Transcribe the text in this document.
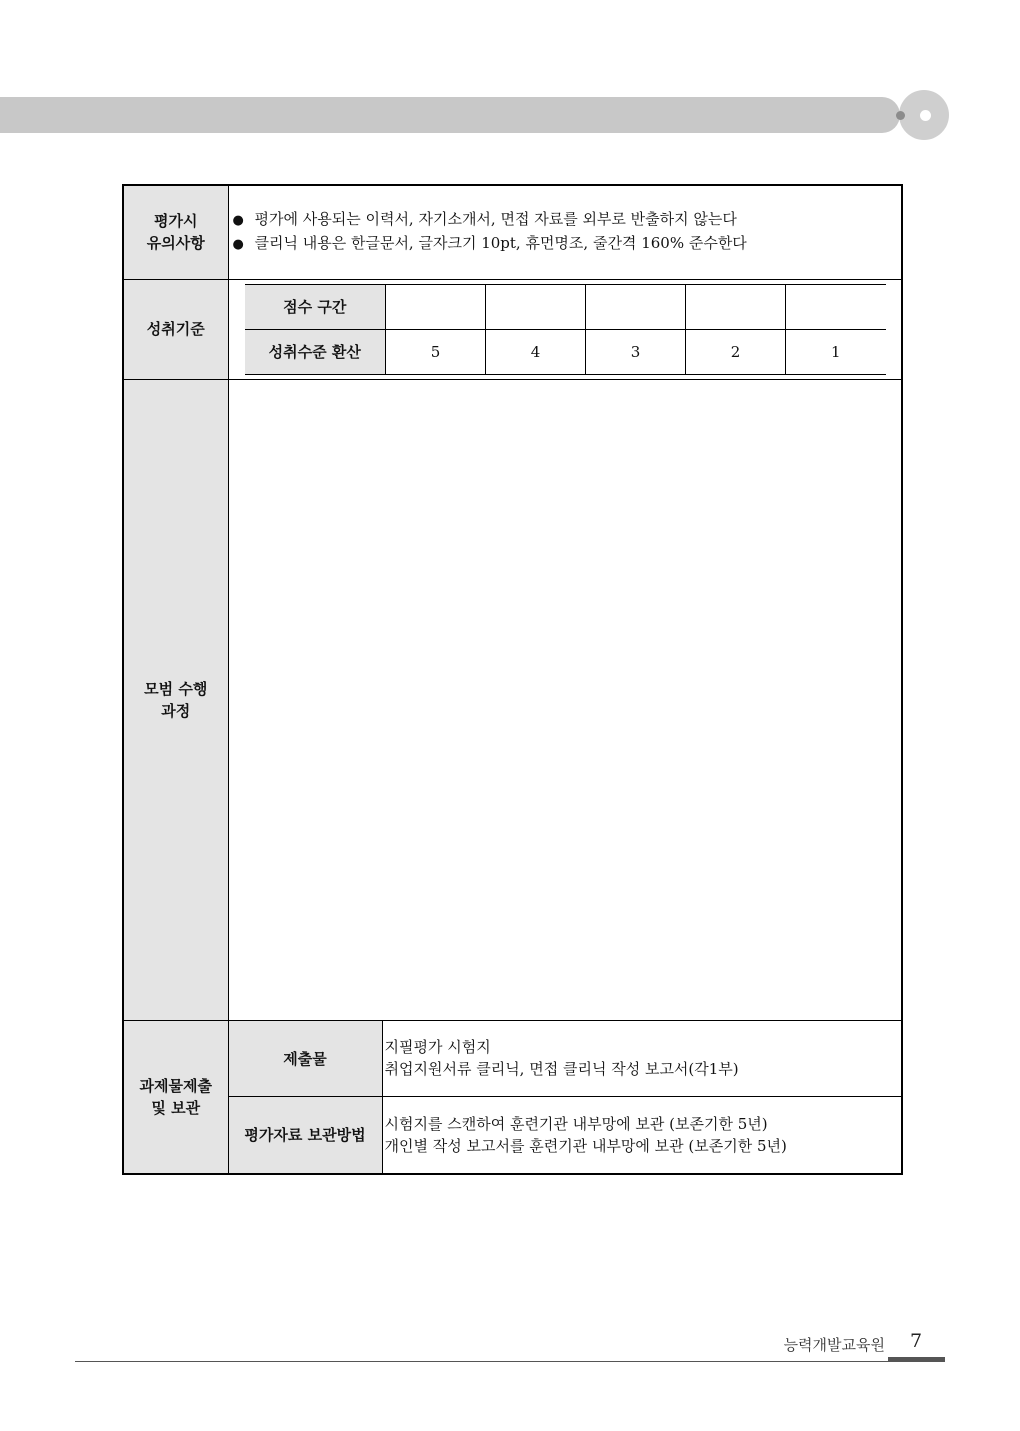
평가시
유의사항

● 평가에 사용되는 이력서, 자기소개서, 면접 자료를 외부로 반출하지 않는다
● 클리닉 내용은 한글문서, 글자크기 10pt, 휴먼명조, 줄간격 160% 준수한다

성취기준	
점수 구간					
성취수준 환산	5	4	3	2	1

모범 수행
과정

과제물제출
및 보관
	제출물	
지필평가 시험지
취업지원서류 클리닉, 면접 클리닉 작성 보고서(각1부)

평가자료 보관방법	
시험지를 스캔하여 훈련기관 내부망에 보관 (보존기한 5년)
개인별 작성 보고서를 훈련기관 내부망에 보관 (보존기한 5년)
능력개발교육원	7
